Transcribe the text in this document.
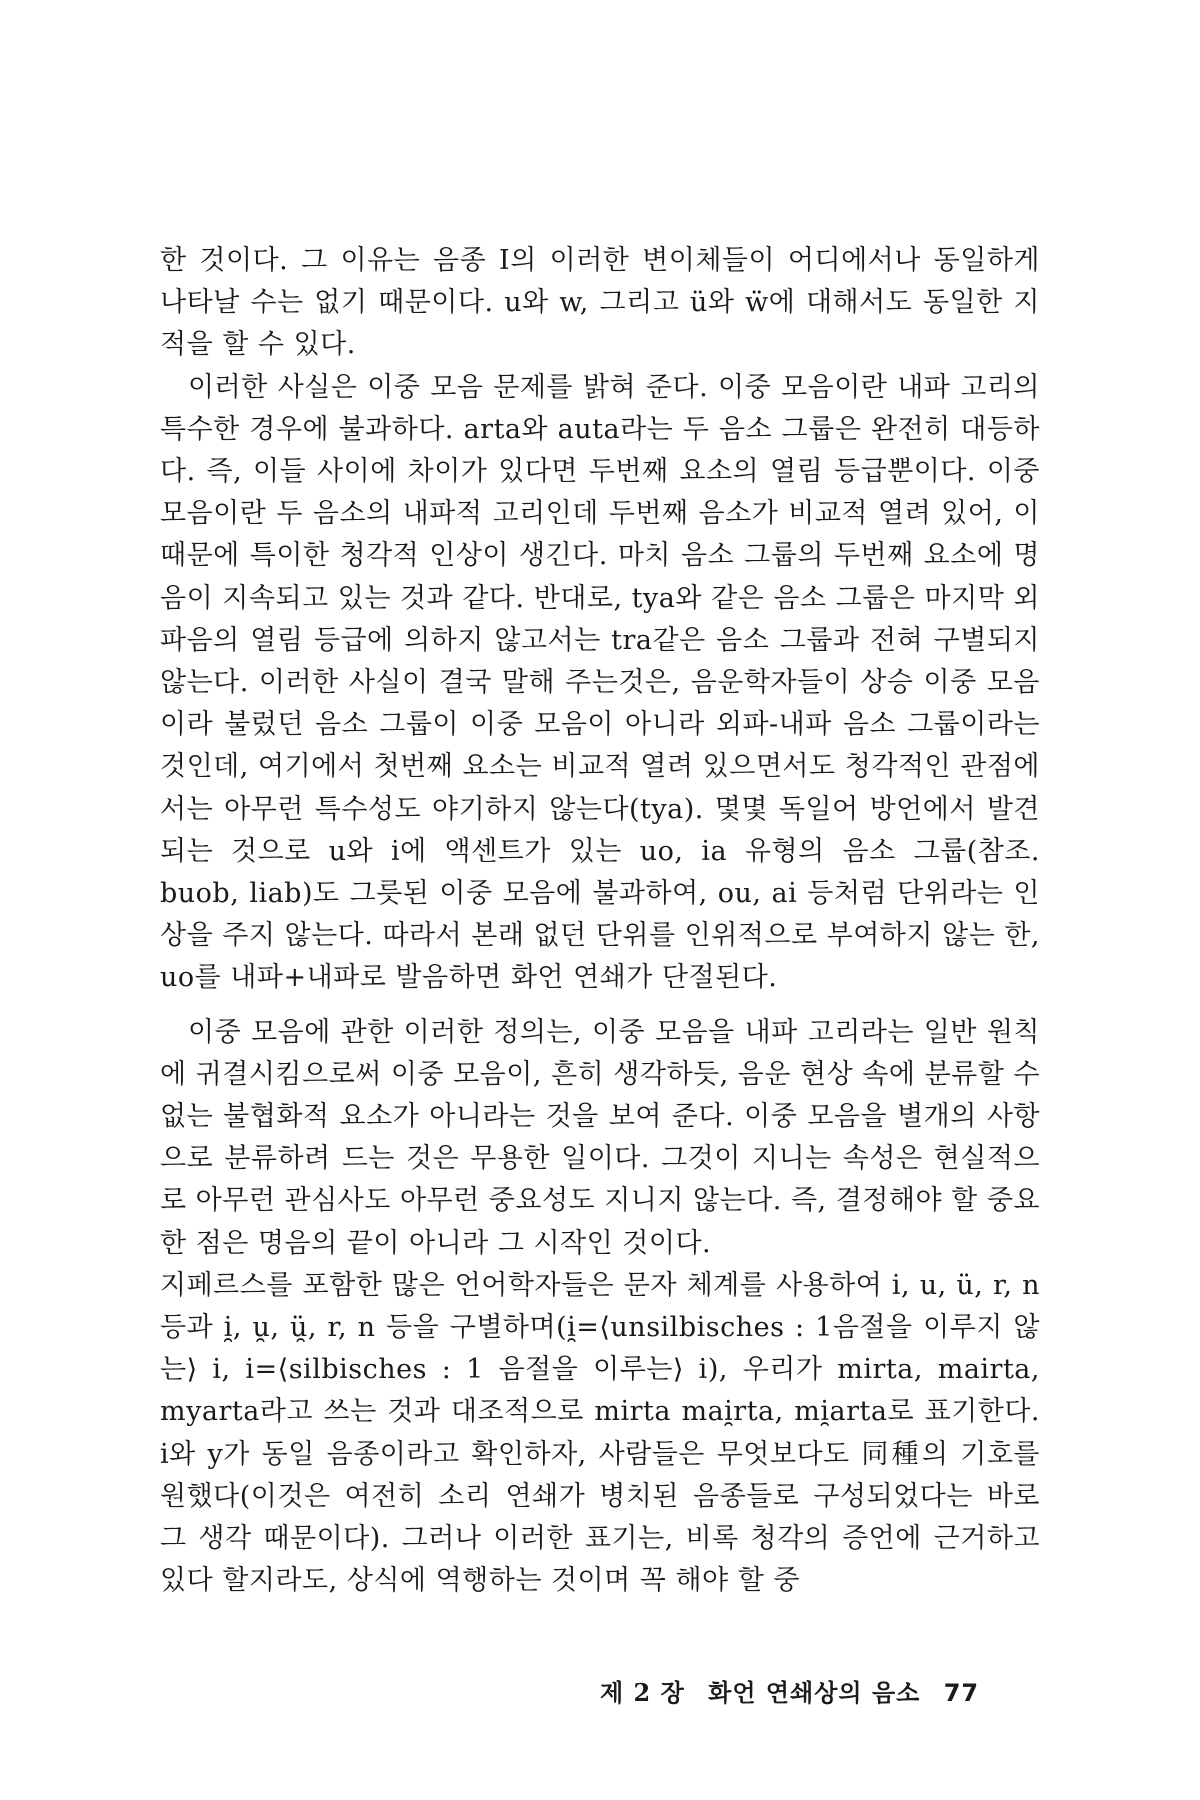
한 것이다. 그 이유는 음종 I의 이러한 변이체들이 어디에서나 동일하게 나타날 수는 없기 때문이다. u와 w, 그리고 ü와 ẅ에 대해서도 동일한 지적을 할 수 있다.

이러한 사실은 이중 모음 문제를 밝혀 준다. 이중 모음이란 내파 고리의 특수한 경우에 불과하다. arta와 auta라는 두 음소 그룹은 완전히 대등하다. 즉, 이들 사이에 차이가 있다면 두번째 요소의 열림 등급뿐이다. 이중 모음이란 두 음소의 내파적 고리인데 두번째 음소가 비교적 열려 있어, 이 때문에 특이한 청각적 인상이 생긴다. 마치 음소 그룹의 두번째 요소에 명음이 지속되고 있는 것과 같다. 반대로, tya와 같은 음소 그룹은 마지막 외파음의 열림 등급에 의하지 않고서는 tra같은 음소 그룹과 전혀 구별되지 않는다. 이러한 사실이 결국 말해 주는것은, 음운학자들이 상승 이중 모음이라 불렀던 음소 그룹이 이중 모음이 아니라 외파-내파 음소 그룹이라는 것인데, 여기에서 첫번째 요소는 비교적 열려 있으면서도 청각적인 관점에서는 아무런 특수성도 야기하지 않는다(tya). 몇몇 독일어 방언에서 발견되는 것으로 u와 i에 액센트가 있는 uo, ia 유형의 음소 그룹(참조. buob, liab)도 그릇된 이중 모음에 불과하여, ou, ai 등처럼 단위라는 인상을 주지 않는다. 따라서 본래 없던 단위를 인위적으로 부여하지 않는 한, uo를 내파+내파로 발음하면 화언 연쇄가 단절된다.

이중 모음에 관한 이러한 정의는, 이중 모음을 내파 고리라는 일반 원칙에 귀결시킴으로써 이중 모음이, 흔히 생각하듯, 음운 현상 속에 분류할 수 없는 불협화적 요소가 아니라는 것을 보여 준다. 이중 모음을 별개의 사항으로 분류하려 드는 것은 무용한 일이다. 그것이 지니는 속성은 현실적으로 아무런 관심사도 아무런 중요성도 지니지 않는다. 즉, 결정해야 할 중요한 점은 명음의 끝이 아니라 그 시작인 것이다.

지페르스를 포함한 많은 언어학자들은 문자 체계를 사용하여 i, u, ü, r, n 등과 i̯, u̯, ü̯, r, n 등을 구별하며(i̯=⟨unsilbisches : 1음절을 이루지 않는⟩ i, i=⟨silbisches : 1 음절을 이루는⟩ i), 우리가 mirta, mairta, myarta라고 쓰는 것과 대조적으로 mirta mai̯rta, mi̯arta로 표기한다. i와 y가 동일 음종이라고 확인하자, 사람들은 무엇보다도 同種의 기호를 원했다(이것은 여전히 소리 연쇄가 병치된 음종들로 구성되었다는 바로 그 생각 때문이다). 그러나 이러한 표기는, 비록 청각의 증언에 근거하고 있다 할지라도, 상식에 역행하는 것이며 꼭 해야 할 중

제 2 장 화언 연쇄상의 음소 77
